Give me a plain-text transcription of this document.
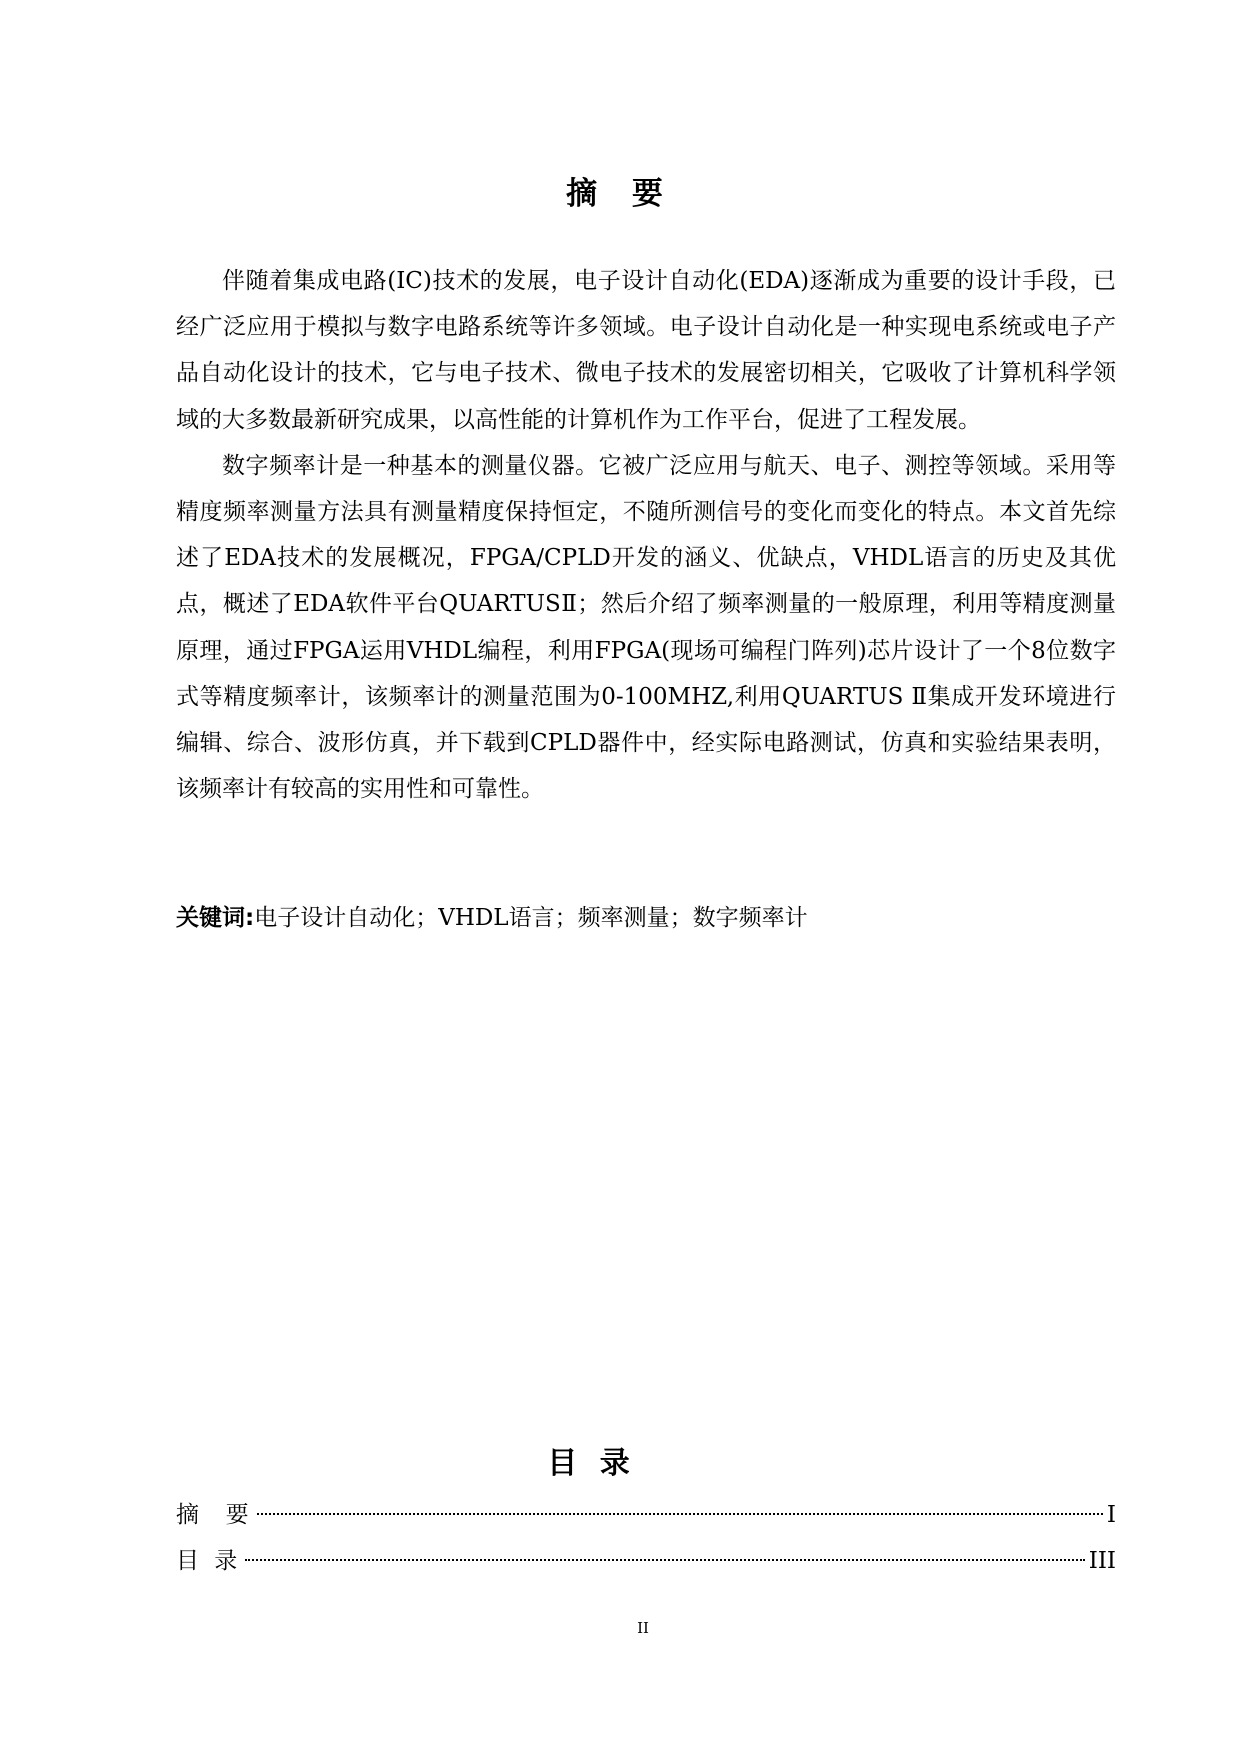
摘 要

伴随着集成电路(IC)技术的发展，电子设计自动化(EDA)逐渐成为重要的设计手段，已经广泛应用于模拟与数字电路系统等许多领域。电子设计自动化是一种实现电系统或电子产品自动化设计的技术，它与电子技术、微电子技术的发展密切相关，它吸收了计算机科学领域的大多数最新研究成果，以高性能的计算机作为工作平台，促进了工程发展。

数字频率计是一种基本的测量仪器。它被广泛应用与航天、电子、测控等领域。采用等精度频率测量方法具有测量精度保持恒定，不随所测信号的变化而变化的特点。本文首先综述了EDA技术的发展概况，FPGA/CPLD开发的涵义、优缺点，VHDL语言的历史及其优点，概述了EDA软件平台QUARTUSⅡ；然后介绍了频率测量的一般原理，利用等精度测量原理，通过FPGA运用VHDL编程，利用FPGA(现场可编程门阵列)芯片设计了一个8位数字式等精度频率计，该频率计的测量范围为0-100MHZ,利用QUARTUS Ⅱ集成开发环境进行编辑、综合、波形仿真，并下载到CPLD器件中，经实际电路测试，仿真和实验结果表明，该频率计有较高的实用性和可靠性。

关键词:电子设计自动化；VHDL语言；频率测量；数字频率计
目 录
摘  要	I
目 录	III
II
